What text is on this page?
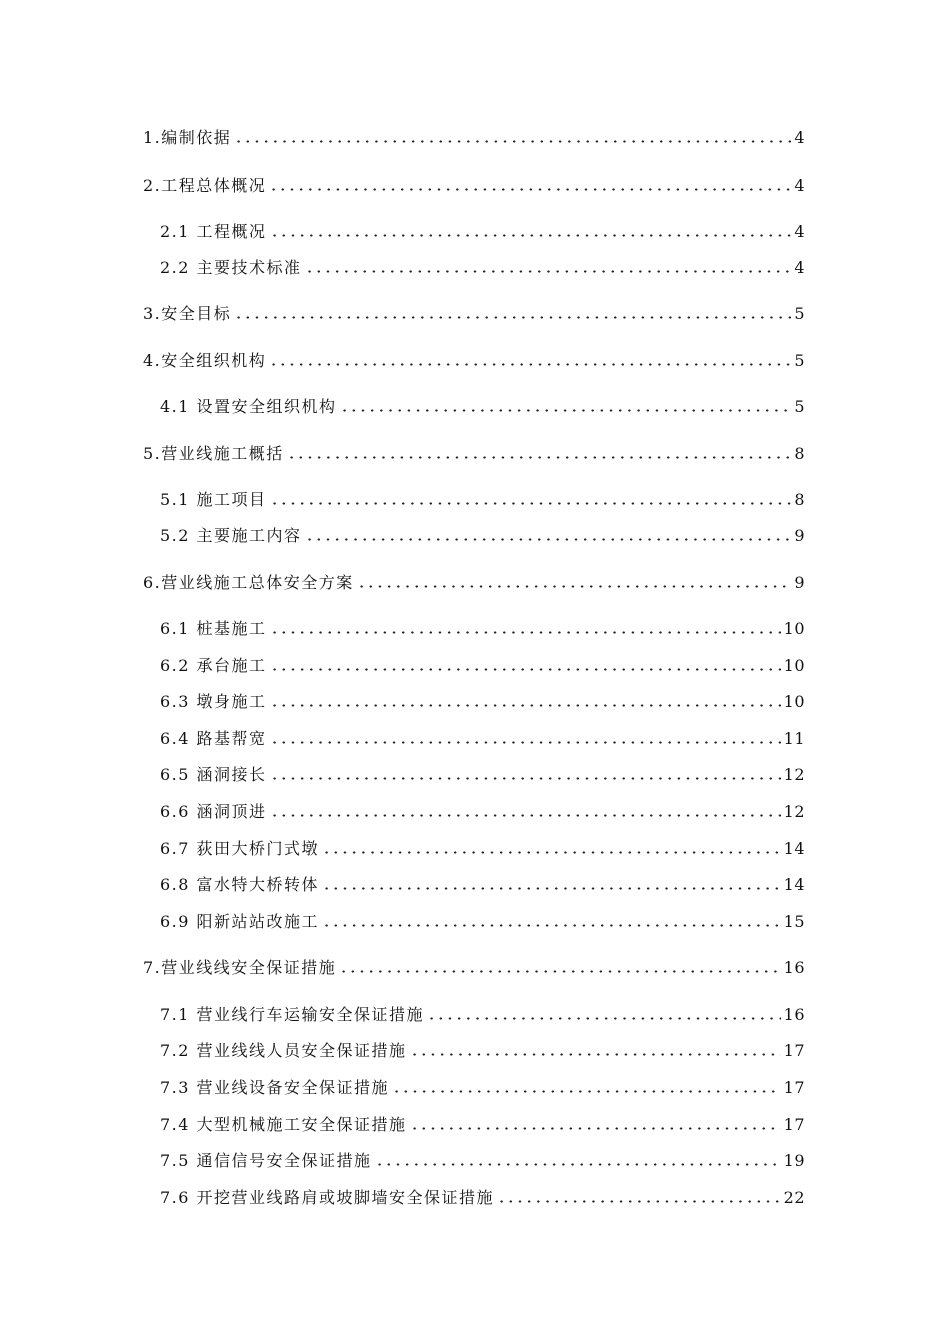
1.编制依据	4
2.工程总体概况	4
2.1 工程概况	4
2.2 主要技术标准	4
3.安全目标	5
4.安全组织机构	5
4.1 设置安全组织机构	5
5.营业线施工概括	8
5.1 施工项目	8
5.2 主要施工内容	9
6.营业线施工总体安全方案	9
6.1 桩基施工	10
6.2 承台施工	10
6.3 墩身施工	10
6.4 路基帮宽	11
6.5 涵洞接长	12
6.6 涵洞顶进	12
6.7 荻田大桥门式墩	14
6.8 富水特大桥转体	14
6.9 阳新站站改施工	15
7.营业线线安全保证措施	16
7.1 营业线行车运输安全保证措施	16
7.2 营业线线人员安全保证措施	17
7.3 营业线设备安全保证措施	17
7.4 大型机械施工安全保证措施	17
7.5 通信信号安全保证措施	19
7.6 开挖营业线路肩或坡脚墙安全保证措施	22
